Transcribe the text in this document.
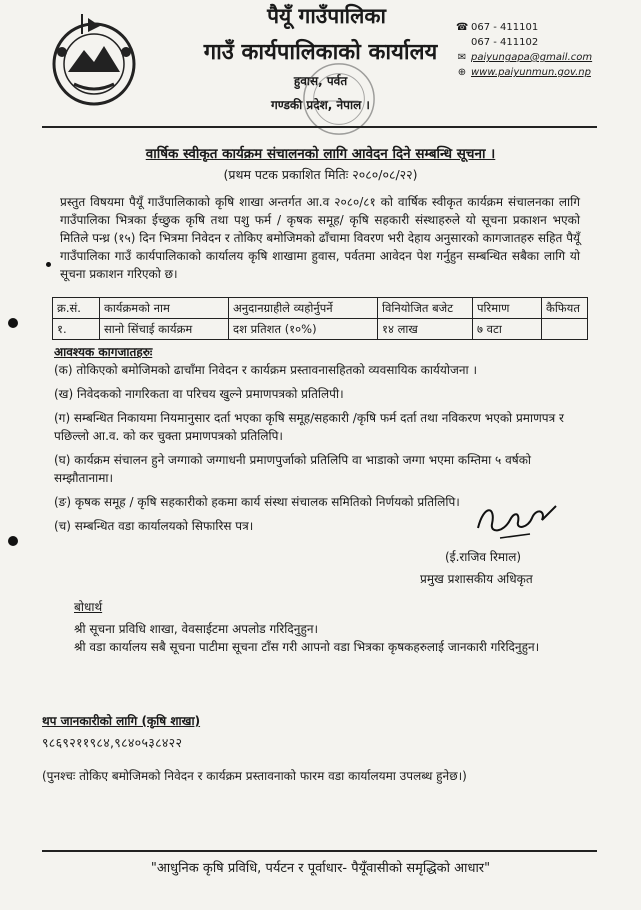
पैयूँ गाउँपालिका
गाउँ कार्यपालिकाको कार्यालय
हुवास, पर्वत
गण्डकी प्रदेश, नेपाल ।
☎ 067 - 411101
067 - 411102
✉ paiyungapa@gmail.com
⊕ www.paiyunmun.gov.np
वार्षिक स्वीकृत कार्यक्रम संचालनको लागि आवेदन दिने सम्बन्धि सूचना ।
(प्रथम पटक प्रकाशित मितिः २०८०/०८/२२)
प्रस्तुत विषयमा पैयूँ गाउँपालिकाको कृषि शाखा अन्तर्गत आ.व २०८०/८१ को वार्षिक स्वीकृत कार्यक्रम संचालनका लागि गाउँपालिका भित्रका ईच्छुक कृषि तथा पशु फर्म / कृषक समूह/ कृषि सहकारी संस्थाहरुले यो सूचना प्रकाशन भएको मितिले पन्ध्र (१५) दिन भित्रमा निवेदन र तोकिए बमोजिमको ढाँचामा विवरण भरी देहाय अनुसारको कागजातहरु सहित पैयूँ गाउँपालिका गाउँ कार्यपालिकाको कार्यालय कृषि शाखामा हुवास, पर्वतमा आवेदन पेश गर्नुहुन सम्बन्धित सबैका लागि यो सूचना प्रकाशन गरिएको छ।
क्र.सं.	कार्यक्रमको नाम	अनुदानग्राहीले व्यहोर्नुपर्ने	विनियोजित बजेट	परिमाण	कैफियत
१.	सानो सिंचाई कार्यक्रम	दश प्रतिशत (१०%)	१४ लाख	७ वटा	
आवश्यक कागजातहरुः
(क) तोकिएको बमोजिमको ढाचाँमा निवेदन र कार्यक्रम प्रस्तावनासहितको व्यवसायिक कार्ययोजना ।
(ख) निवेदकको नागरिकता वा परिचय खुल्ने प्रमाणपत्रको प्रतिलिपी।
(ग) सम्बन्धित निकायमा नियमानुसार दर्ता भएका कृषि समूह/सहकारी /कृषि फर्म दर्ता तथा नविकरण भएको प्रमाणपत्र र पछिल्लो आ.व. को कर चुक्ता प्रमाणपत्रको प्रतिलिपि।
(घ) कार्यक्रम संचालन हुने जग्गाको जग्गाधनी प्रमाणपुर्जाको प्रतिलिपि वा भाडाको जग्गा भएमा कम्तिमा ५ वर्षको सम्झौतानामा।
(ङ) कृषक समूह / कृषि सहकारीको हकमा कार्य संस्था संचालक समितिको निर्णयको प्रतिलिपि।
(च) सम्बन्धित वडा कार्यालयको सिफारिस पत्र।
(ई.राजिव रिमाल)
प्रमुख प्रशासकीय अधिकृत
बोधार्थ
श्री सूचना प्रविधि शाखा, वेवसाईटमा अपलोड गरिदिनुहुन।
श्री वडा कार्यालय सबै सूचना पाटीमा सूचना टाँस गरी आपनो वडा भित्रका कृषकहरुलाई जानकारी गरिदिनुहुन।
थप जानकारीको लागि (कृषि शाखा)
९८६९२११९८४,९८४०५३८४२२
(पुनश्चः तोकिए बमोजिमको निवेदन र कार्यक्रम प्रस्तावनाको फारम वडा कार्यालयमा उपलब्ध हुनेछ।)
"आधुनिक कृषि प्रविधि, पर्यटन र पूर्वाधार- पैयूँवासीको समृद्धिको आधार"
